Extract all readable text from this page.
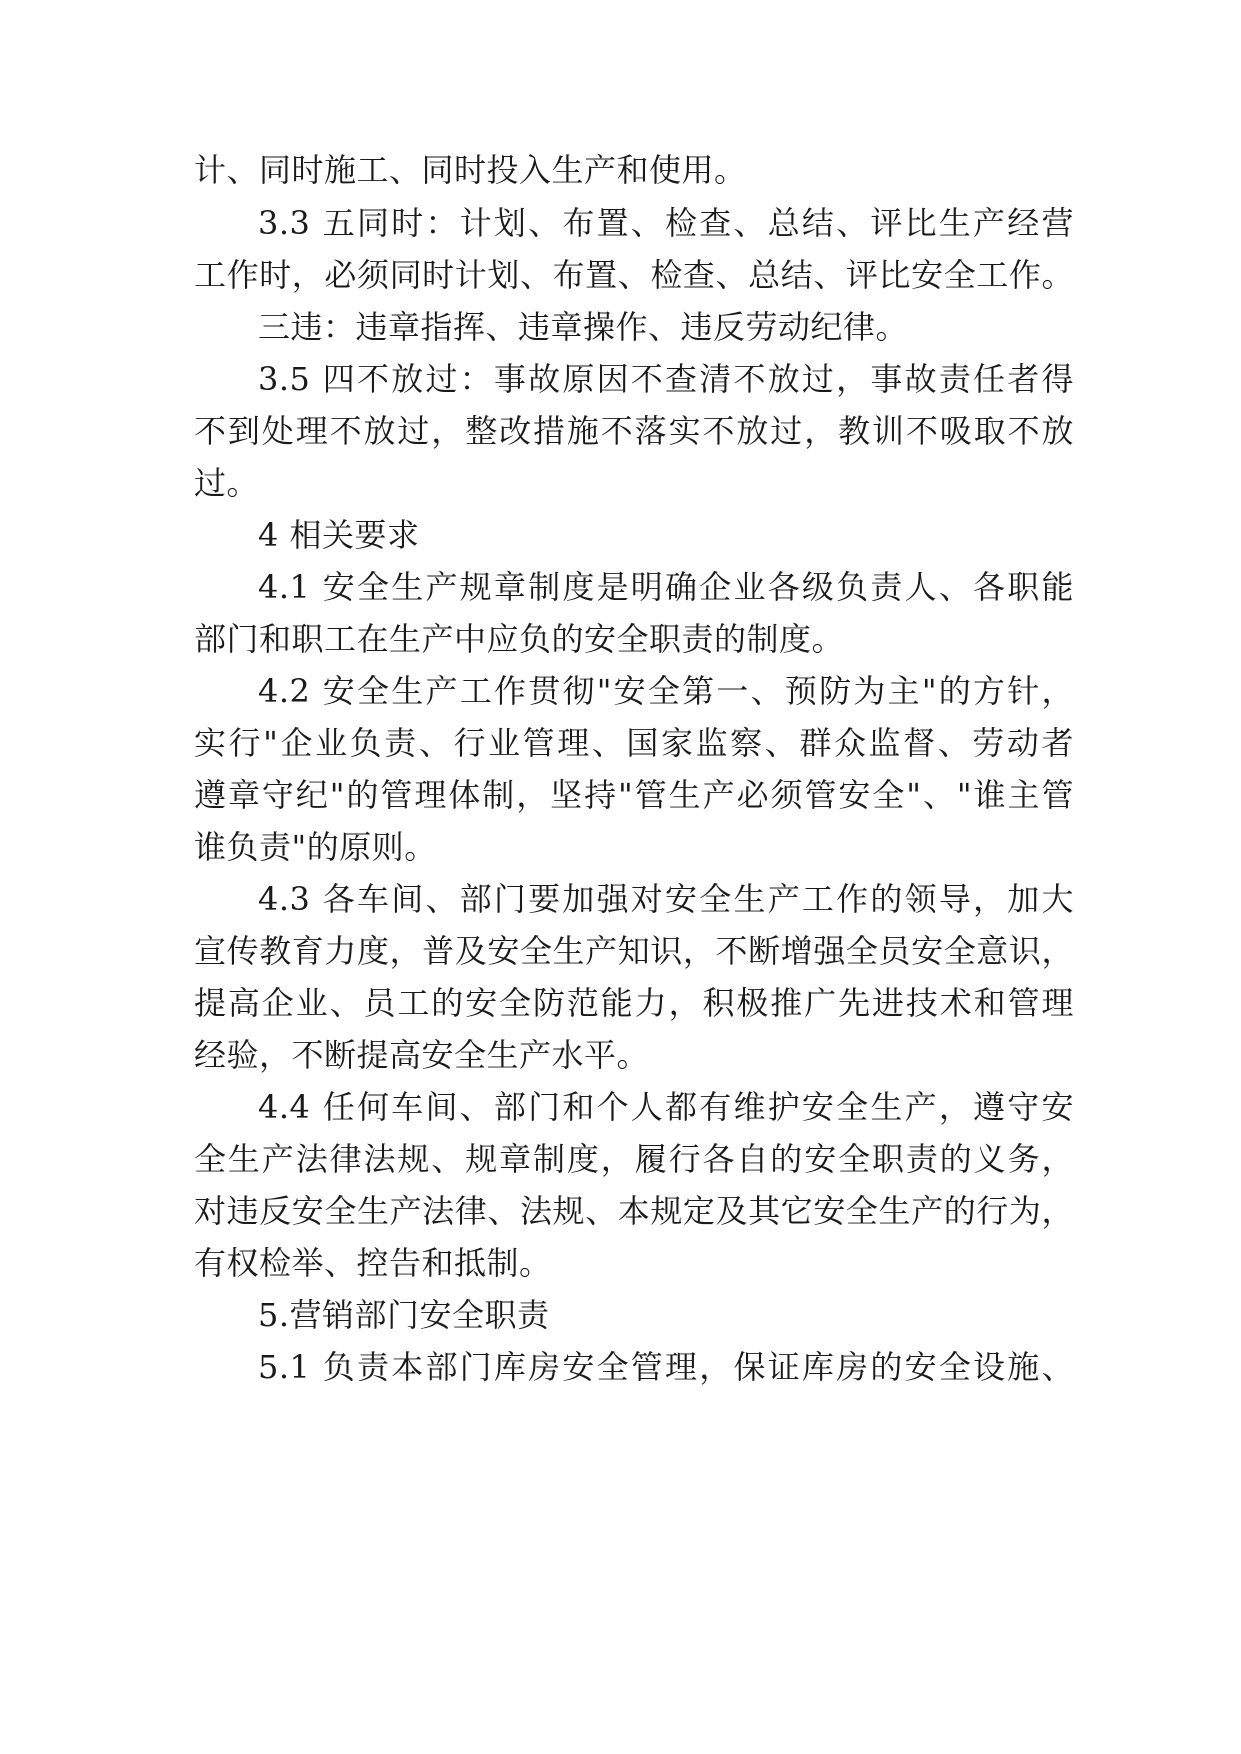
计、同时施工、同时投入生产和使用。
3.3 五同时：计划、布置、检查、总结、评比生产经营
工作时，必须同时计划、布置、检查、总结、评比安全工作。
三违：违章指挥、违章操作、违反劳动纪律。
3.5 四不放过：事故原因不查清不放过，事故责任者得
不到处理不放过，整改措施不落实不放过，教训不吸取不放
过。
4 相关要求
4.1 安全生产规章制度是明确企业各级负责人、各职能
部门和职工在生产中应负的安全职责的制度。
4.2 安全生产工作贯彻"安全第一、预防为主"的方针，
实行"企业负责、行业管理、国家监察、群众监督、劳动者
遵章守纪"的管理体制，坚持"管生产必须管安全"、"谁主管
谁负责"的原则。
4.3 各车间、部门要加强对安全生产工作的领导，加大
宣传教育力度，普及安全生产知识，不断增强全员安全意识，
提高企业、员工的安全防范能力，积极推广先进技术和管理
经验，不断提高安全生产水平。
4.4 任何车间、部门和个人都有维护安全生产，遵守安
全生产法律法规、规章制度，履行各自的安全职责的义务，
对违反安全生产法律、法规、本规定及其它安全生产的行为，
有权检举、控告和抵制。
5.营销部门安全职责
5.1 负责本部门库房安全管理，保证库房的安全设施、
